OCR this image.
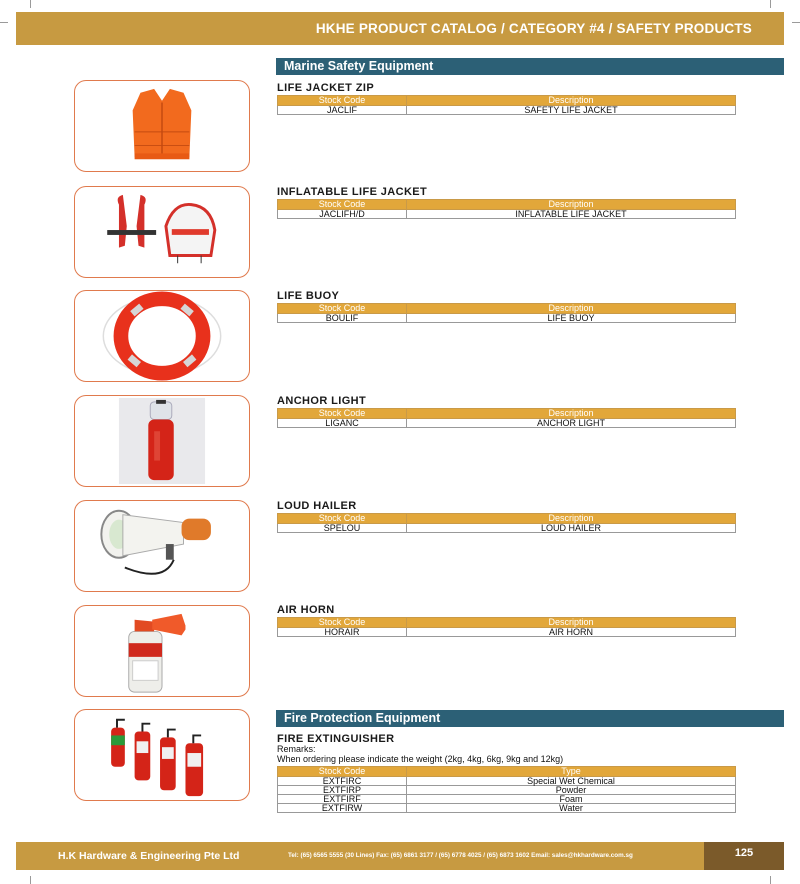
HKHE PRODUCT CATALOG / CATEGORY #4 / SAFETY PRODUCTS
Marine Safety Equipment
LIFE JACKET ZIP
Stock Code	Description
JACLIF	SAFETY LIFE JACKET
INFLATABLE LIFE JACKET
Stock Code	Description
JACLIFH/D	INFLATABLE LIFE JACKET
LIFE BUOY
Stock Code	Description
BOULIF	LIFE BUOY
ANCHOR LIGHT
Stock Code	Description
LIGANC	ANCHOR LIGHT
LOUD HAILER
Stock Code	Description
SPELOU	LOUD HAILER
AIR HORN
Stock Code	Description
HORAIR	AIR HORN
Fire Protection Equipment
FIRE EXTINGUISHER
Remarks:
When ordering please indicate the weight (2kg, 4kg, 6kg, 9kg and 12kg)
Stock Code	Type
EXTFIRC	Special Wet Chemical
EXTFIRP	Powder
EXTFIRF	Foam
EXTFIRW	Water
H.K Hardware & Engineering Pte Ltd	Tel: (65) 6565 5555 (30 Lines) Fax: (65) 6861 3177 / (65) 6778 4025 / (65) 6873 1602 Email: sales@hkhardware.com.sg	125
